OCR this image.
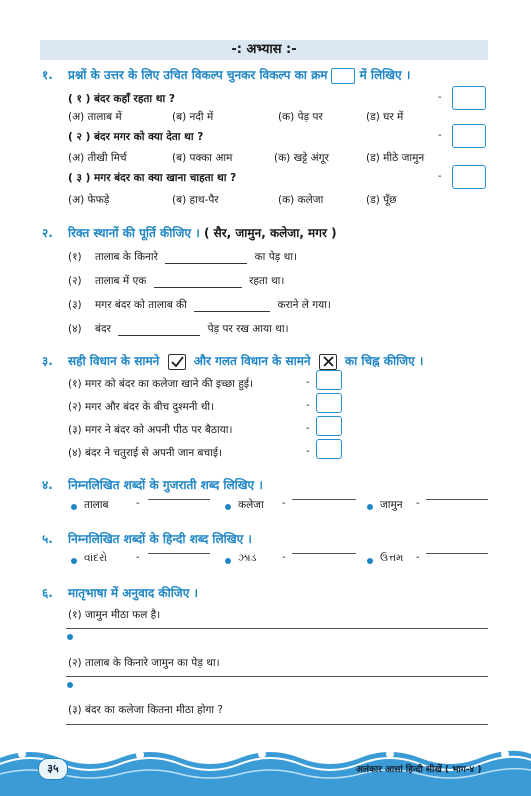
-: अभ्यास :-
१. प्रश्नों के उत्तर के लिए उचित विकल्प चुनकर विकल्प का क्रम	में लिखिए ।
( १ ) बंदर कहाँ रहता था ?	-
(अ) तालाब में	(ब) नदी में	(क) पेड़ पर	(ड) घर में
( २ ) बंदर मगर को क्या देता था ?	-
(अ) तीखी मिर्च	(ब) पक्का आम	(क) खट्टे अंगूर	(ड) मीठे जामुन
( ३ ) मगर बंदर का क्या खाना चाहता था ?	-
(अ) फेफड़े	(ब) हाथ-पैर	(क) कलेजा	(ड) पूँछ
२. रिक्त स्थानों की पूर्ति कीजिए । ( सैर, जामुन, कलेजा, मगर )
(१) तालाब के किनारे	का पेड़ था।
(२) तालाब में एक	रहता था।
(३) मगर बंदर को तालाब की	कराने ले गया।
(४) बंदर	पेड़ पर रख आया था।
३. सही विधान के सामने	और गलत विधान के सामने	का चिह्न कीजिए ।
(१) मगर को बंदर का कलेजा खाने की इच्छा हुई।	-
(२) मगर और बंदर के बीच दुश्मनी थी।	-
(३) मगर ने बंदर को अपनी पीठ पर बैठाया।	-
(४) बंदर ने चतुराई से अपनी जान बचाई।	-
४. निम्नलिखित शब्दों के गुजराती शब्द लिखिए ।
तालाब	-	कलेजा -	जामुन -
५. निम्नलिखित शब्दों के हिन्दी शब्द लिखिए ।
વાંદરો	-	ઝાડ	-	ઉત્તમ -
६. मातृभाषा में अनुवाद कीजिए ।
(१) जामुन मीठा फल है।
(२) तालाब के किनारे जामुन का पेड़ था।
(३) बंदर का कलेजा कितना मीठा होगा ?
३५	अलंकार आसां हिन्दी सीखें ( भाग-४ )
